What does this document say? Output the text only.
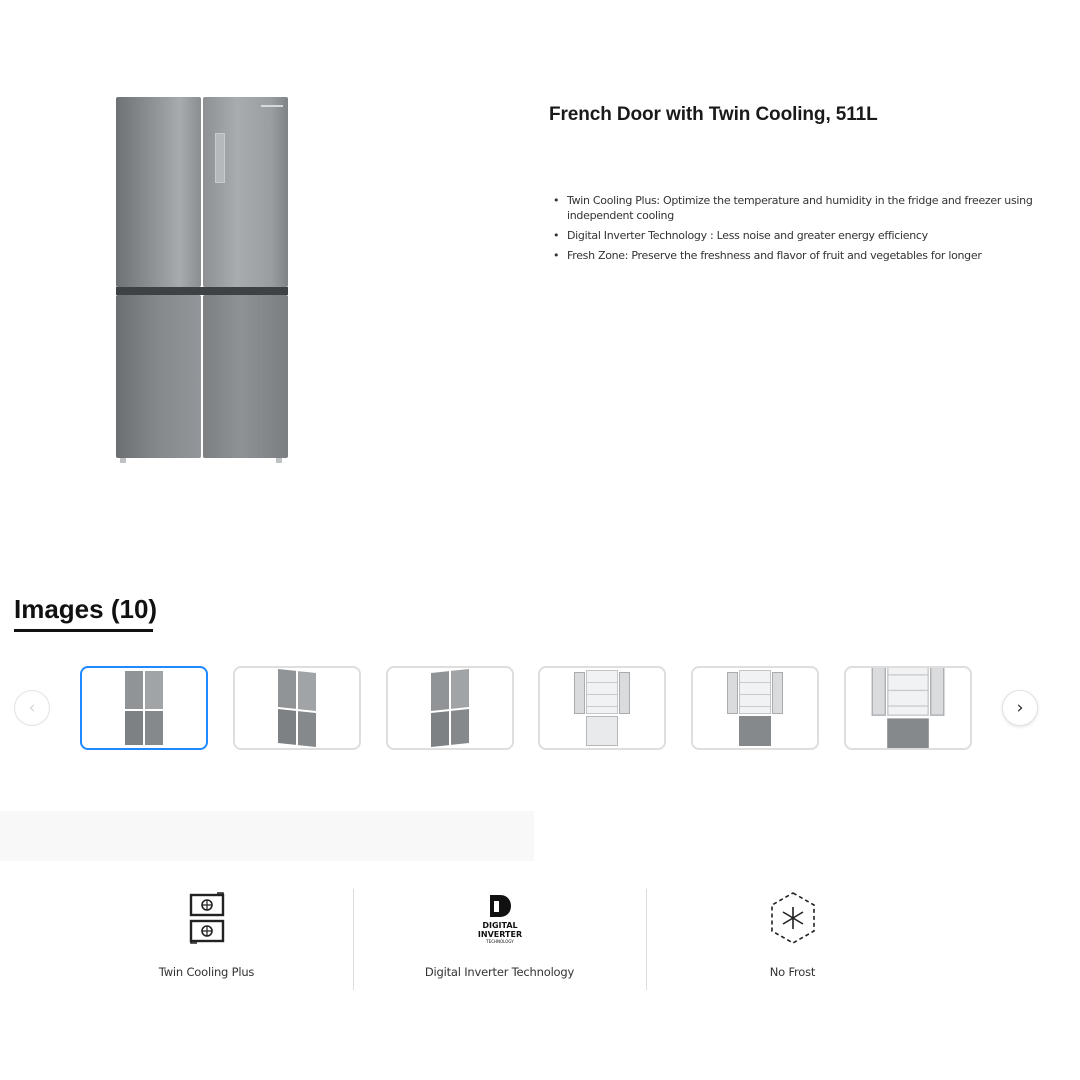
French Door with Twin Cooling, 511L
• Twin Cooling Plus: Optimize the temperature and humidity in the fridge and freezer using independent cooling
• Digital Inverter Technology : Less noise and greater energy efficiency
• Fresh Zone: Preserve the freshness and flavor of fruit and vegetables for longer
Images (10)
‹	›
Twin Cooling Plus
DIGITAL
INVERTER
TECHNOLOGY
Digital Inverter Technology	No Frost
